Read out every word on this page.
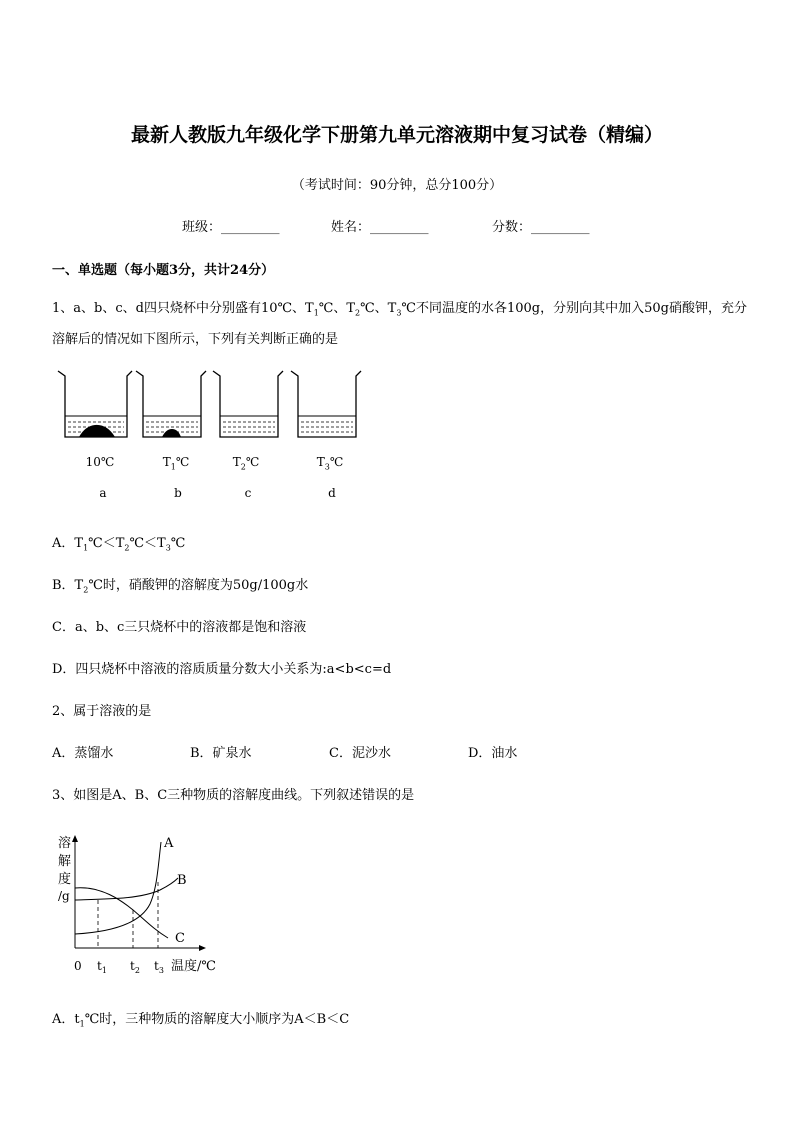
最新人教版九年级化学下册第九单元溶液期中复习试卷（精编）
（考试时间：90分钟，总分100分）
班级：_________	姓名：_________	分数：_________
一、单选题（每小题3分，共计24分）
1、a、b、c、d四只烧杯中分别盛有10℃、$T_1℃$、$T_2℃$、$T_3℃$不同温度的水各100g，分别向其中加入50g硝酸钾，充分溶解后的情况如下图所示，下列有关判断正确的是
10℃	$T_1℃$	$T_2℃$	$T_3℃$
a	b	c	d
A．$T_1℃<T_2℃<T_3℃$
B．$T_2℃$时，硝酸钾的溶解度为50g/100g水
C．a、b、c三只烧杯中的溶液都是饱和溶液
D．四只烧杯中溶液的溶质质量分数大小关系为:a<b<c=d
2、属于溶液的是
A．蒸馏水	B．矿泉水	C．泥沙水	D．油水
3、如图是A、B、C三种物质的溶解度曲线。下列叙述错误的是
溶
解
度
/g
A
B
C
0 $t_1$ $t_2$ $t_3$ 温度/℃
A．$t_1℃$时，三种物质的溶解度大小顺序为A＜B＜C
